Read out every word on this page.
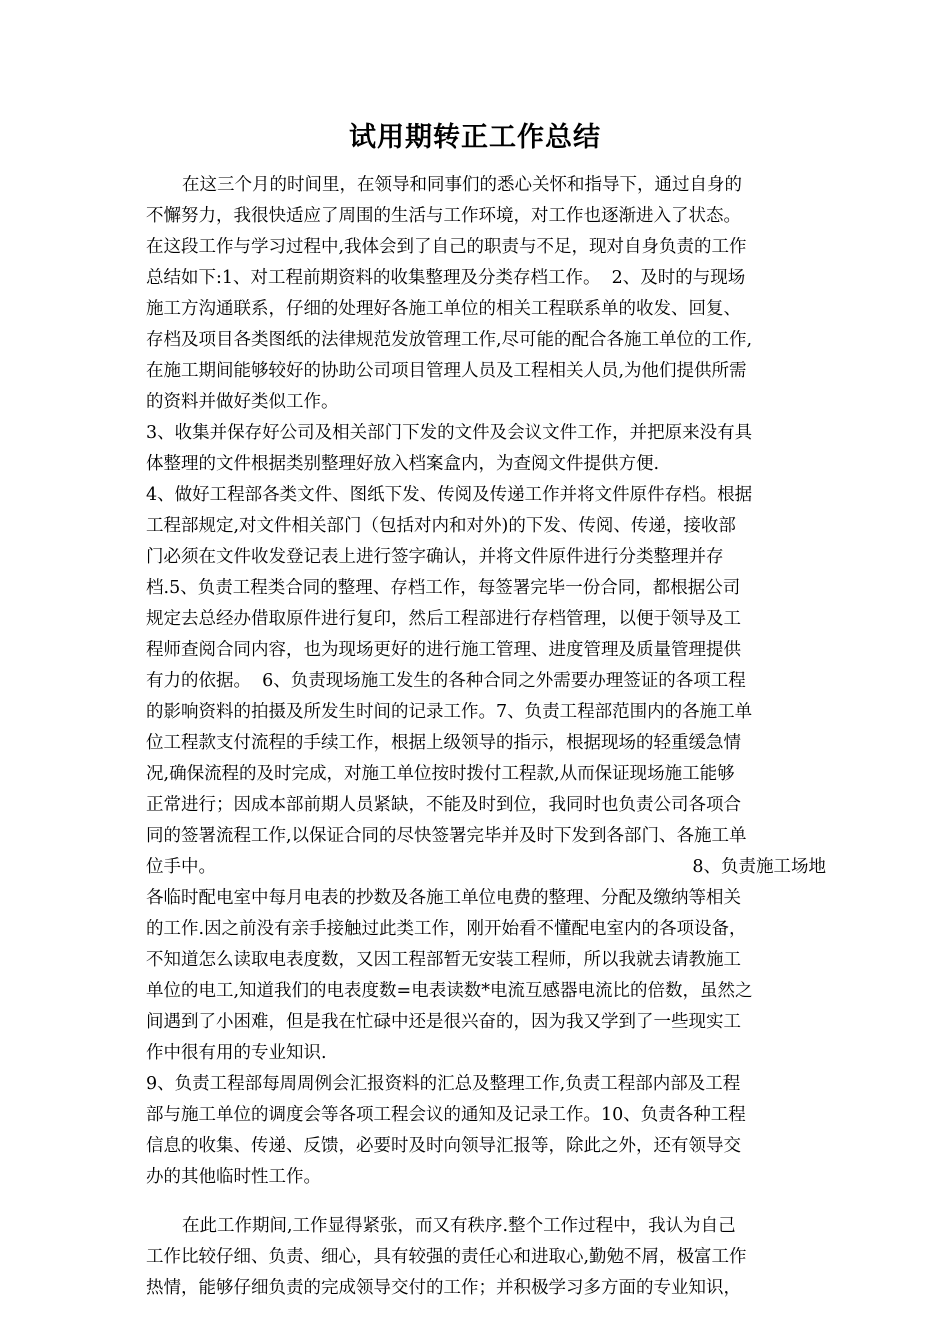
试用期转正工作总结
在这三个月的时间里，在领导和同事们的悉心关怀和指导下，通过自身的
不懈努力，我很快适应了周围的生活与工作环境，对工作也逐渐进入了状态。
在这段工作与学习过程中,我体会到了自己的职责与不足，现对自身负责的工作
总结如下:1、对工程前期资料的收集整理及分类存档工作。  2、及时的与现场
施工方沟通联系，仔细的处理好各施工单位的相关工程联系单的收发、回复、
存档及项目各类图纸的法律规范发放管理工作,尽可能的配合各施工单位的工作,
在施工期间能够较好的协助公司项目管理人员及工程相关人员,为他们提供所需
的资料并做好类似工作。
3、收集并保存好公司及相关部门下发的文件及会议文件工作，并把原来没有具
体整理的文件根据类别整理好放入档案盒内，为查阅文件提供方便.
4、做好工程部各类文件、图纸下发、传阅及传递工作并将文件原件存档。根据
工程部规定,对文件相关部门（包括对内和对外)的下发、传阅、传递，接收部
门必须在文件收发登记表上进行签字确认，并将文件原件进行分类整理并存
档.5、负责工程类合同的整理、存档工作，每签署完毕一份合同，都根据公司
规定去总经办借取原件进行复印，然后工程部进行存档管理，以便于领导及工
程师查阅合同内容，也为现场更好的进行施工管理、进度管理及质量管理提供
有力的依据。  6、负责现场施工发生的各种合同之外需要办理签证的各项工程
的影响资料的拍摄及所发生时间的记录工作。7、负责工程部范围内的各施工单
位工程款支付流程的手续工作，根据上级领导的指示，根据现场的轻重缓急情
况,确保流程的及时完成，对施工单位按时拨付工程款,从而保证现场施工能够
正常进行；因成本部前期人员紧缺，不能及时到位，我同时也负责公司各项合
同的签署流程工作,以保证合同的尽快签署完毕并及时下发到各部门、各施工单
位手中。	8、负责施工场地
各临时配电室中每月电表的抄数及各施工单位电费的整理、分配及缴纳等相关
的工作.因之前没有亲手接触过此类工作，刚开始看不懂配电室内的各项设备，
不知道怎么读取电表度数，又因工程部暂无安装工程师，所以我就去请教施工
单位的电工,知道我们的电表度数=电表读数*电流互感器电流比的倍数，虽然之
间遇到了小困难，但是我在忙碌中还是很兴奋的，因为我又学到了一些现实工
作中很有用的专业知识.
9、负责工程部每周周例会汇报资料的汇总及整理工作,负责工程部内部及工程
部与施工单位的调度会等各项工程会议的通知及记录工作。10、负责各种工程
信息的收集、传递、反馈，必要时及时向领导汇报等，除此之外，还有领导交
办的其他临时性工作。
在此工作期间,工作显得紧张，而又有秩序.整个工作过程中，我认为自己
工作比较仔细、负责、细心，具有较强的责任心和进取心,勤勉不屑，极富工作
热情，能够仔细负责的完成领导交付的工作；并积极学习多方面的专业知识，
